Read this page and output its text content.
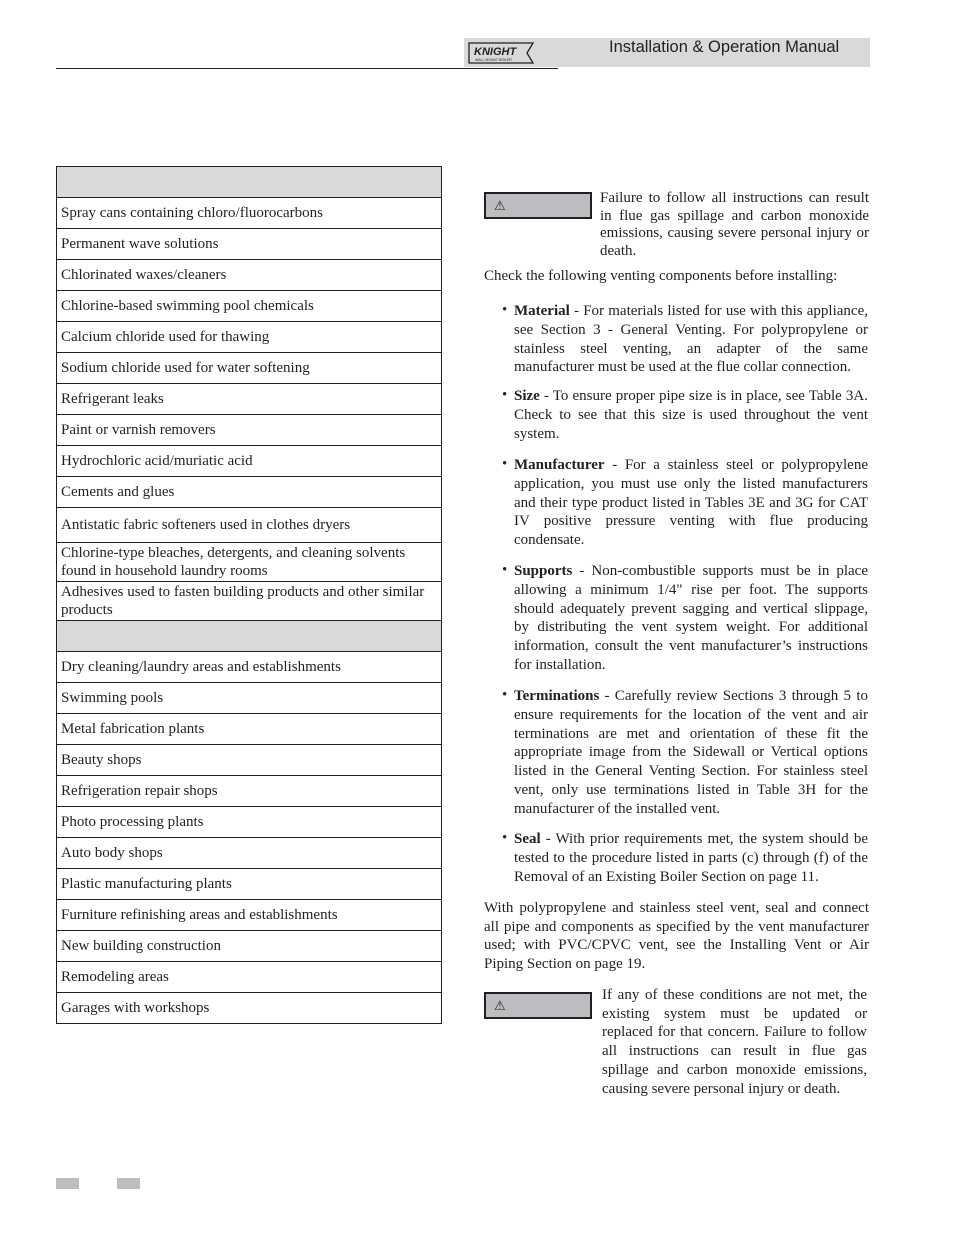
KNIGHT
WALL MOUNT BOILER
Installation & Operation Manual

Spray cans containing chloro/fluorocarbons
Permanent wave solutions
Chlorinated waxes/cleaners
Chlorine-based swimming pool chemicals
Calcium chloride used for thawing
Sodium chloride used for water softening
Refrigerant leaks
Paint or varnish removers
Hydrochloric acid/muriatic acid
Cements and glues
Antistatic fabric softeners used in clothes dryers
Chlorine-type bleaches, detergents, and cleaning solvents found in household laundry rooms
Adhesives used to fasten building products and other similar products

Dry cleaning/laundry areas and establishments
Swimming pools
Metal fabrication plants
Beauty shops
Refrigeration repair shops
Photo processing plants
Auto body shops
Plastic manufacturing plants
Furniture refinishing areas and establishments
New building construction
Remodeling areas
Garages with workshops
⚠	Failure to follow all instructions can result in flue gas spillage and carbon monoxide emissions, causing severe personal injury or death.
Check the following venting components before installing:
• Material - For materials listed for use with this appliance, see Section 3 - General Venting. For polypropylene or stainless steel venting, an adapter of the same manufacturer must be used at the flue collar connection.
• Size - To ensure proper pipe size is in place, see Table 3A. Check to see that this size is used throughout the vent system.
• Manufacturer - For a stainless steel or polypropylene application, you must use only the listed manufacturers and their type product listed in Tables 3E and 3G for CAT IV positive pressure venting with flue producing condensate.
• Supports - Non-combustible supports must be in place allowing a minimum 1/4" rise per foot. The supports should adequately prevent sagging and vertical slippage, by distributing the vent system weight. For additional information, consult the vent manufacturer’s instructions for installation.
• Terminations - Carefully review Sections 3 through 5 to ensure requirements for the location of the vent and air terminations are met and orientation of these fit the appropriate image from the Sidewall or Vertical options listed in the General Venting Section. For stainless steel vent, only use terminations listed in Table 3H for the manufacturer of the installed vent.
• Seal - With prior requirements met, the system should be tested to the procedure listed in parts (c) through (f) of the Removal of an Existing Boiler Section on page 11.
With polypropylene and stainless steel vent, seal and connect all pipe and components as specified by the vent manufacturer used; with PVC/CPVC vent, see the Installing Vent or Air Piping Section on page 19.
⚠
If any of these conditions are not met, the existing system must be updated or replaced for that concern. Failure to follow all instructions can result in flue gas spillage and carbon monoxide emissions, causing severe personal injury or death.
